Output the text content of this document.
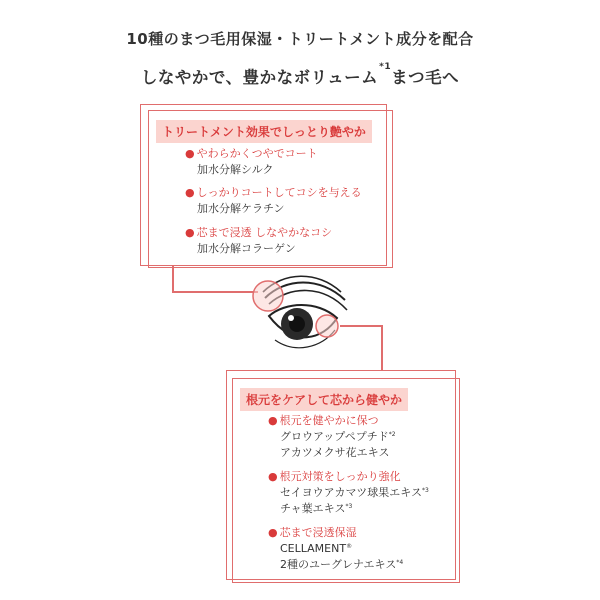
10種のまつ毛用保湿・トリートメント成分を配合
しなやかで、豊かなボリューム$^{*1}$まつ毛へ
トリートメント効果でしっとり艶やか
● やわらかくつやでコート
加水分解シルク
● しっかりコートしてコシを与える
加水分解ケラチン
● 芯まで浸透 しなやかなコシ
加水分解コラーゲン
根元をケアして芯から健やか
● 根元を健やかに保つ
グロウアップペプチド$^{*2}$
アカツメクサ花エキス
● 根元対策をしっかり強化
セイヨウアカマツ球果エキス$^{*3}$
チャ葉エキス$^{*3}$
● 芯まで浸透保湿
CELLAMENT®
2種のユーグレナエキス$^{*4}$
